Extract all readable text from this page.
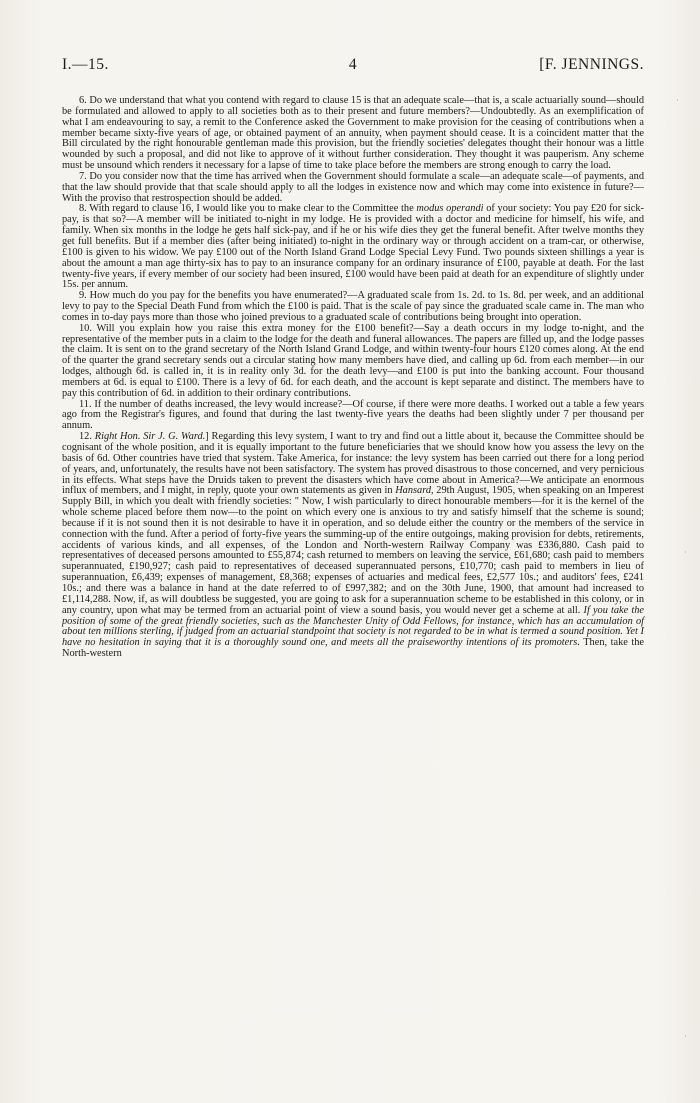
I.—15.	4	[F. JENNINGS.

6. Do we understand that what you contend with regard to clause 15 is that an adequate scale—that is, a scale actuarially sound—should be formulated and allowed to apply to all societies both as to their present and future members?—Undoubtedly. As an exemplification of what I am endeavouring to say, a remit to the Conference asked the Government to make provision for the ceasing of contributions when a member became sixty-five years of age, or obtained payment of an annuity, when payment should cease. It is a coincident matter that the Bill circulated by the right honourable gentleman made this provision, but the friendly societies' delegates thought their honour was a little wounded by such a proposal, and did not like to approve of it without further consideration. They thought it was pauperism. Any scheme must be unsound which renders it necessary for a lapse of time to take place before the members are strong enough to carry the load.

7. Do you consider now that the time has arrived when the Government should formulate a scale—an adequate scale—of payments, and that the law should provide that that scale should apply to all the lodges in existence now and which may come into existence in future?—With the proviso that restrospection should be added.

8. With regard to clause 16, I would like you to make clear to the Committee the modus operandi of your society: You pay £20 for sick-pay, is that so?—A member will be initiated to-night in my lodge. He is provided with a doctor and medicine for himself, his wife, and family. When six months in the lodge he gets half sick-pay, and if he or his wife dies they get the funeral benefit. After twelve months they get full benefits. But if a member dies (after being initiated) to-night in the ordinary way or through accident on a tram-car, or otherwise, £100 is given to his widow. We pay £100 out of the North Island Grand Lodge Special Levy Fund. Two pounds sixteen shillings a year is about the amount a man age thirty-six has to pay to an insurance company for an ordinary insurance of £100, payable at death. For the last twenty-five years, if every member of our society had been insured, £100 would have been paid at death for an expenditure of slightly under 15s. per annum.

9. How much do you pay for the benefits you have enumerated?—A graduated scale from 1s. 2d. to 1s. 8d. per week, and an additional levy to pay to the Special Death Fund from which the £100 is paid. That is the scale of pay since the graduated scale came in. The man who comes in to-day pays more than those who joined previous to a graduated scale of contributions being brought into operation.

10. Will you explain how you raise this extra money for the £100 benefit?—Say a death occurs in my lodge to-night, and the representative of the member puts in a claim to the lodge for the death and funeral allowances. The papers are filled up, and the lodge passes the claim. It is sent on to the grand secretary of the North Island Grand Lodge, and within twenty-four hours £120 comes along. At the end of the quarter the grand secretary sends out a circular stating how many members have died, and calling up 6d. from each member—in our lodges, although 6d. is called in, it is in reality only 3d. for the death levy—and £100 is put into the banking account. Four thousand members at 6d. is equal to £100. There is a levy of 6d. for each death, and the account is kept separate and distinct. The members have to pay this contribution of 6d. in addition to their ordinary contributions.

11. If the number of deaths increased, the levy would increase?—Of course, if there were more deaths. I worked out a table a few years ago from the Registrar's figures, and found that during the last twenty-five years the deaths had been slightly under 7 per thousand per annum.

12. Right Hon. Sir J. G. Ward.] Regarding this levy system, I want to try and find out a little about it, because the Committee should be cognisant of the whole position, and it is equally important to the future beneficiaries that we should know how you assess the levy on the basis of 6d. Other countries have tried that system. Take America, for instance: the levy system has been carried out there for a long period of years, and, unfortunately, the results have not been satisfactory. The system has proved disastrous to those concerned, and very pernicious in its effects. What steps have the Druids taken to prevent the disasters which have come about in America?—We anticipate an enormous influx of members, and I might, in reply, quote your own statements as given in Hansard, 29th August, 1905, when speaking on an Imperest Supply Bill, in which you dealt with friendly societies: " Now, I wish particularly to direct honourable members—for it is the kernel of the whole scheme placed before them now—to the point on which every one is anxious to try and satisfy himself that the scheme is sound; because if it is not sound then it is not desirable to have it in operation, and so delude either the country or the members of the service in connection with the fund. After a period of forty-five years the summing-up of the entire outgoings, making provision for debts, retirements, accidents of various kinds, and all expenses, of the London and North-western Railway Company was £336,880. Cash paid to representatives of deceased persons amounted to £55,874; cash returned to members on leaving the service, £61,680; cash paid to members superannuated, £190,927; cash paid to representatives of deceased superannuated persons, £10,770; cash paid to members in lieu of superannuation, £6,439; expenses of management, £8,368; expenses of actuaries and medical fees, £2,577 10s.; and auditors' fees, £241 10s.; and there was a balance in hand at the date referred to of £997,382; and on the 30th June, 1900, that amount had increased to £1,114,288. Now, if, as will doubtless be suggested, you are going to ask for a superannuation scheme to be established in this colony, or in any country, upon what may be termed from an actuarial point of view a sound basis, you would never get a scheme at all. If you take the position of some of the great friendly societies, such as the Manchester Unity of Odd Fellows, for instance, which has an accumulation of about ten millions sterling, if judged from an actuarial standpoint that society is not regarded to be in what is termed a sound position. Yet I have no hesitation in saying that it is a thoroughly sound one, and meets all the praiseworthy intentions of its promoters. Then, take the North-western

·
·
·
